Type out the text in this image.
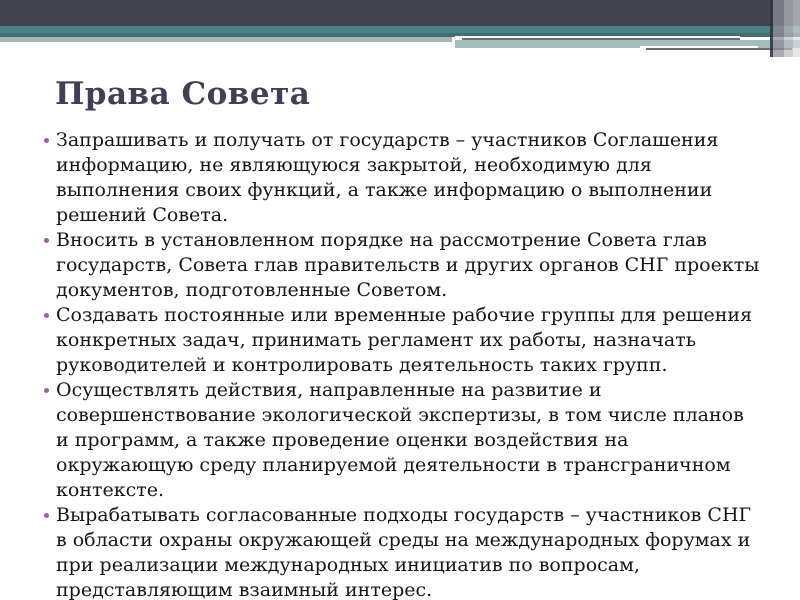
Права Совета
Запрашивать и получать от государств – участников Соглашения информацию, не являющуюся закрытой, необходимую для выполнения своих функций, а также информацию о выполнении решений Совета.
Вносить в установленном порядке на рассмотрение Совета глав государств, Совета глав правительств и других органов СНГ проекты документов, подготовленные Советом.
Создавать постоянные или временные рабочие группы для решения конкретных задач, принимать регламент их работы, назначать руководителей и контролировать деятельность таких групп.
Осуществлять действия, направленные на развитие и совершенствование экологической экспертизы, в том числе планов и программ, а также проведение оценки воздействия на окружающую среду планируемой деятельности в трансграничном контексте.
Вырабатывать согласованные подходы государств – участников СНГ в области охраны окружающей среды на международных форумах и при реализации международных инициатив по вопросам, представляющим взаимный интерес.
